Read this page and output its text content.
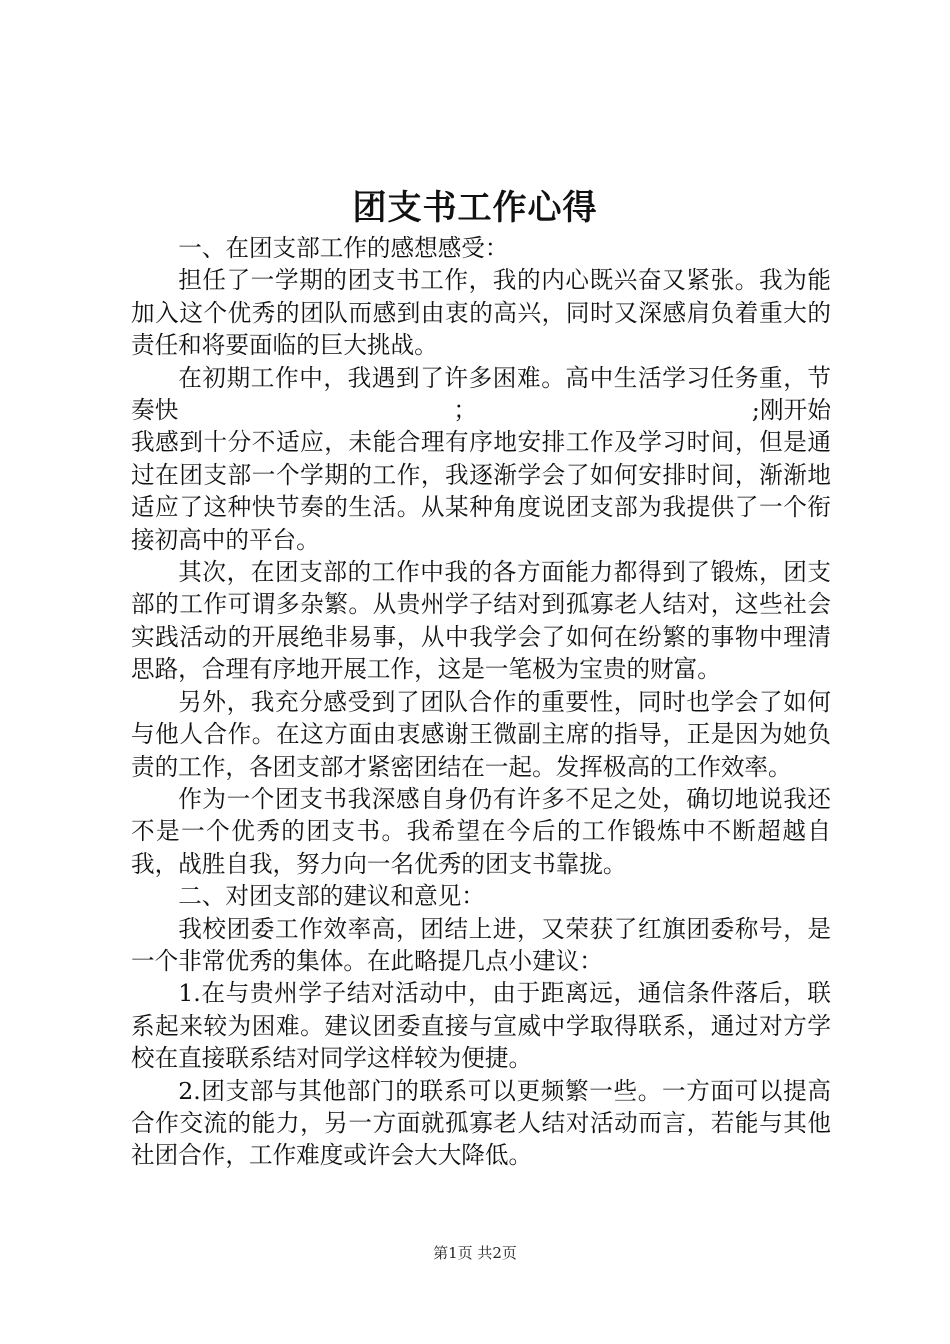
团支书工作心得

一、在团支部工作的感想感受：

担任了一学期的团支书工作，我的内心既兴奋又紧张。我为能加入这个优秀的团队而感到由衷的高兴，同时又深感肩负着重大的责任和将要面临的巨大挑战。

在初期工作中，我遇到了许多困难。高中生活学习任务重，节奏快                                    ；                                    ;刚开始我感到十分不适应，未能合理有序地安排工作及学习时间，但是通过在团支部一个学期的工作，我逐渐学会了如何安排时间，渐渐地适应了这种快节奏的生活。从某种角度说团支部为我提供了一个衔接初高中的平台。

其次，在团支部的工作中我的各方面能力都得到了锻炼，团支部的工作可谓多杂繁。从贵州学子结对到孤寡老人结对，这些社会实践活动的开展绝非易事，从中我学会了如何在纷繁的事物中理清思路，合理有序地开展工作，这是一笔极为宝贵的财富。

另外，我充分感受到了团队合作的重要性，同时也学会了如何与他人合作。在这方面由衷感谢王微副主席的指导，正是因为她负责的工作，各团支部才紧密团结在一起。发挥极高的工作效率。

作为一个团支书我深感自身仍有许多不足之处，确切地说我还不是一个优秀的团支书。我希望在今后的工作锻炼中不断超越自我，战胜自我，努力向一名优秀的团支书靠拢。

二、对团支部的建议和意见：

我校团委工作效率高，团结上进，又荣获了红旗团委称号，是一个非常优秀的集体。在此略提几点小建议：

1.在与贵州学子结对活动中，由于距离远，通信条件落后，联系起来较为困难。建议团委直接与宣威中学取得联系，通过对方学校在直接联系结对同学这样较为便捷。

2.团支部与其他部门的联系可以更频繁一些。一方面可以提高合作交流的能力，另一方面就孤寡老人结对活动而言，若能与其他社团合作，工作难度或许会大大降低。

第1页 共2页
